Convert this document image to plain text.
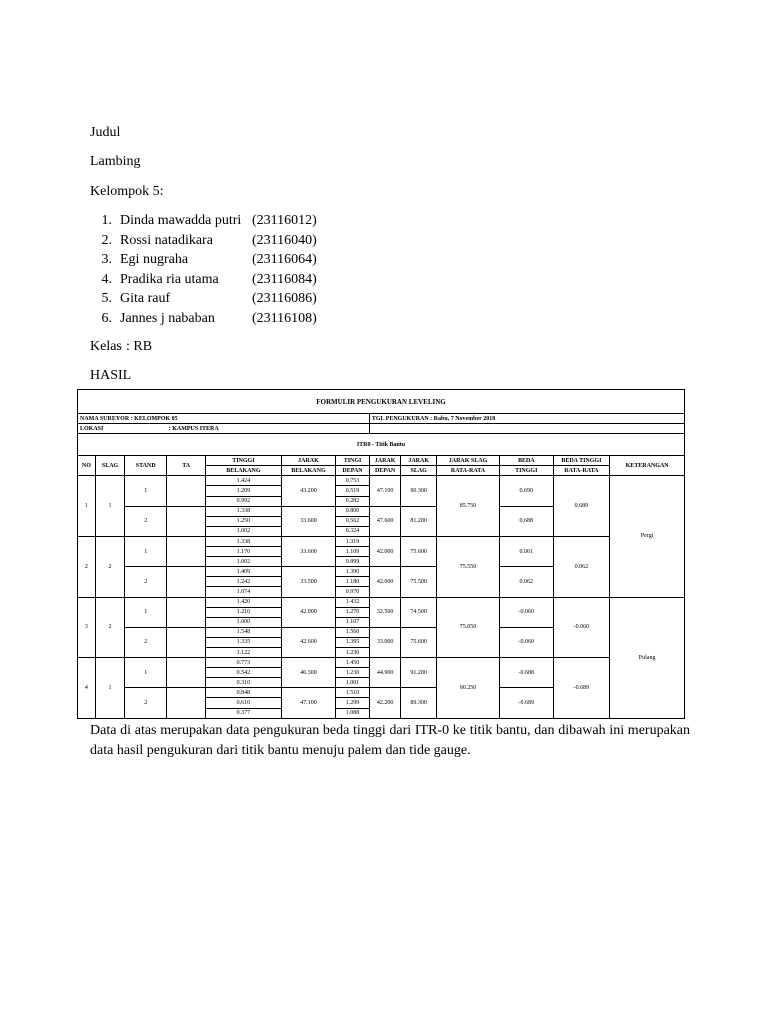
Judul
Lambing
Kelompok 5:
1. Dinda mawadda putri (23116012)
2. Rossi natadikara	(23116040)
3. Egi nugraha	(23116064)
4. Pradika ria utama (23116084)
5. Gita rauf	(23116086)
6. Jannes j nababan	(23116108)
Kelas : RB
HASIL
FORMULIR PENGUKURAN LEVELING												
NAMA SUREYOR : KELOMPOK 05							TGL PENGUKURAN : Rabu, 7 November 2018					
LOKASI			: KAMPUS ITERA									
ITR0 - Titik Bantu												
NO	SLAG	STAND	TA	TINGGI	JARAK	TINGI	JARAK	JARAK	JARAK SLAG	BEDA	BEDA TINGGI	KETERANGAN
				BELAKANG	BELAKANG	DEPAN	DEPAN	SLAG	RATA-RATA	TINGGI	RATA-RATA	
1	1	1		1.424	43.200	0.753	47.100	90.300	85.750	0.690	0.689	Pergi
				1.209		0.519						
				0.992		0.282						
		2		1.338	33.600	0.800	47.600	81.200		0.688		
				1.250		0.562						
				1.002		0.324						
2	2	1		1.338	33.600	1.319	42.000	75.600	75.550	0.061	0.062	
				1.170		1.109						
				1.002		0.899						
		2		1.409	33.500	1.390	42.000	75.500		0.062		
				1.242		1.180						
				1.074		0.970						
3	2	1		1.420	42.000	1.432	32.500	74.500	75.050	-0.060	-0.060	Pulang
				1.210		1.270						
				1.000		1.107						
		2		1.548	42.600	1.560	33.000	75.600		-0.060		
				1.335		1.395						
				1.122		1.230						
4	1	1		0.773	46.300	1.450	44.900	91.200	90.250	-0.688	-0.689	
				0.542		1.230						
				0.310		1.001						
		2		0.848	47.100	1.510	42.200	89.300		-0.689		
				0.610		1.299						
				0.377		1.088						
Data di atas merupakan data pengukuran beda tinggi dari ITR-0 ke titik bantu, dan dibawah ini merupakan data hasil pengukuran dari titik bantu menuju palem dan tide gauge.
